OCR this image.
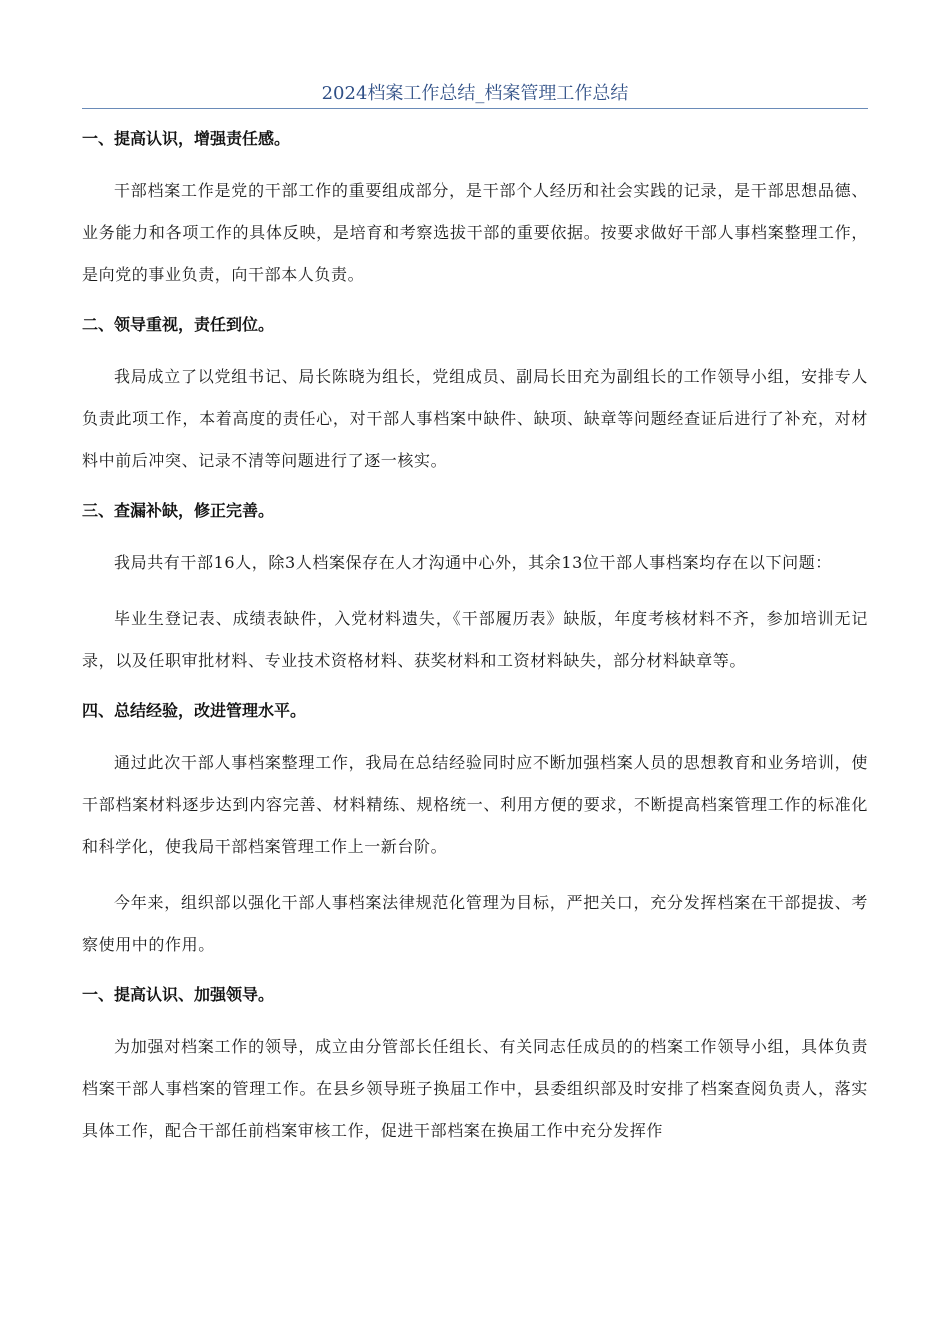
2024档案工作总结_档案管理工作总结

一、提高认识，增强责任感。

干部档案工作是党的干部工作的重要组成部分，是干部个人经历和社会实践的记录，是干部思想品德、业务能力和各项工作的具体反映，是培育和考察选拔干部的重要依据。按要求做好干部人事档案整理工作，是向党的事业负责，向干部本人负责。

二、领导重视，责任到位。

我局成立了以党组书记、局长陈晓为组长，党组成员、副局长田充为副组长的工作领导小组，安排专人负责此项工作，本着高度的责任心，对干部人事档案中缺件、缺项、缺章等问题经查证后进行了补充，对材料中前后冲突、记录不清等问题进行了逐一核实。

三、查漏补缺，修正完善。

我局共有干部16人，除3人档案保存在人才沟通中心外，其余13位干部人事档案均存在以下问题：

毕业生登记表、成绩表缺件，入党材料遗失，《干部履历表》缺版，年度考核材料不齐，参加培训无记录，以及任职审批材料、专业技术资格材料、获奖材料和工资材料缺失，部分材料缺章等。

四、总结经验，改进管理水平。

通过此次干部人事档案整理工作，我局在总结经验同时应不断加强档案人员的思想教育和业务培训，使干部档案材料逐步达到内容完善、材料精练、规格统一、利用方便的要求，不断提高档案管理工作的标准化和科学化，使我局干部档案管理工作上一新台阶。

今年来，组织部以强化干部人事档案法律规范化管理为目标，严把关口，充分发挥档案在干部提拔、考察使用中的作用。

一、提高认识、加强领导。

为加强对档案工作的领导，成立由分管部长任组长、有关同志任成员的的档案工作领导小组，具体负责档案干部人事档案的管理工作。在县乡领导班子换届工作中，县委组织部及时安排了档案查阅负责人，落实具体工作，配合干部任前档案审核工作，促进干部档案在换届工作中充分发挥作
